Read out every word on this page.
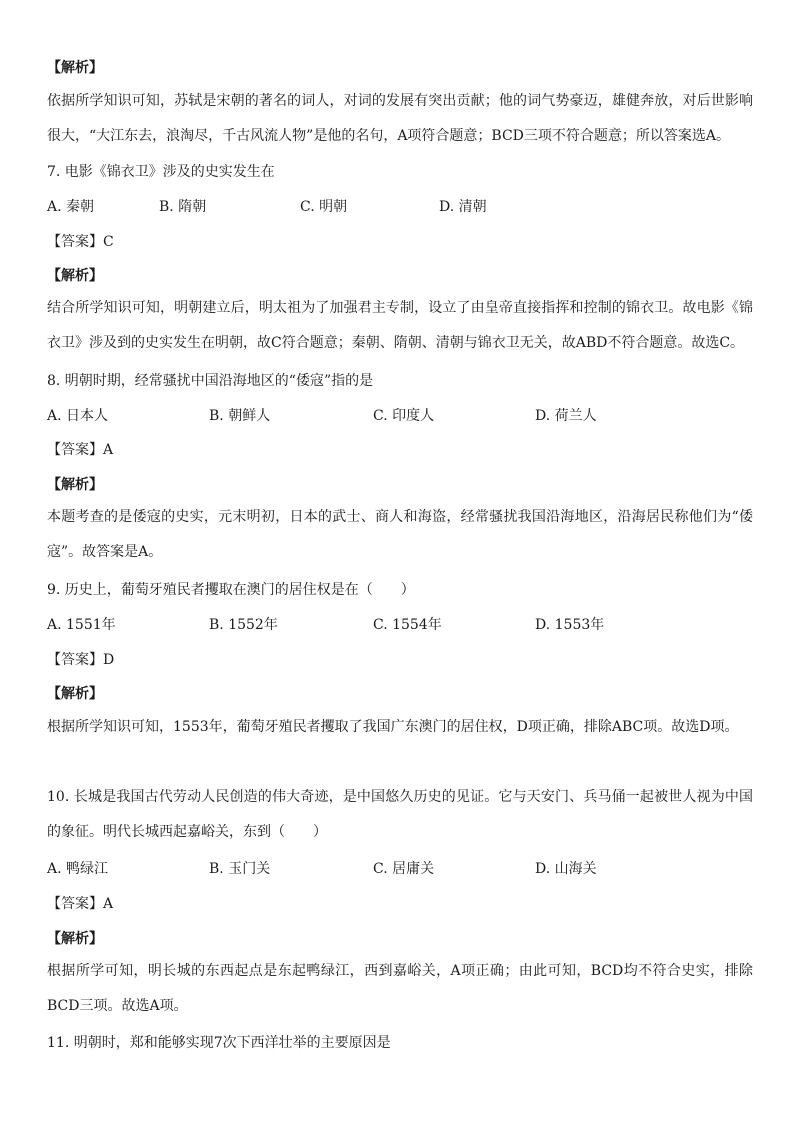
【解析】
依据所学知识可知，苏轼是宋朝的著名的词人，对词的发展有突出贡献；他的词气势豪迈，雄健奔放，对后世影响很大，“大江东去，浪淘尽，千古风流人物”是他的名句，A项符合题意；BCD三项不符合题意；所以答案选A。
7. 电影《锦衣卫》涉及的史实发生在
A. 秦朝	B. 隋朝	C. 明朝	D. 清朝
【答案】C
【解析】
结合所学知识可知，明朝建立后，明太祖为了加强君主专制，设立了由皇帝直接指挥和控制的锦衣卫。故电影《锦衣卫》涉及到的史实发生在明朝，故C符合题意；秦朝、隋朝、清朝与锦衣卫无关，故ABD不符合题意。故选C。
8. 明朝时期，经常骚扰中国沿海地区的“倭寇”指的是
A. 日本人	B. 朝鲜人	C. 印度人	D. 荷兰人
【答案】A
【解析】
本题考查的是倭寇的史实，元末明初，日本的武士、商人和海盗，经常骚扰我国沿海地区，沿海居民称他们为“倭寇”。故答案是A。
9. 历史上，葡萄牙殖民者攫取在澳门的居住权是在（　　）
A. 1551年	B. 1552年	C. 1554年	D. 1553年
【答案】D
【解析】
根据所学知识可知，1553年，葡萄牙殖民者攫取了我国广东澳门的居住权，D项正确，排除ABC项。故选D项。
10. 长城是我国古代劳动人民创造的伟大奇迹，是中国悠久历史的见证。它与天安门、兵马俑一起被世人视为中国的象征。明代长城西起嘉峪关，东到（　　）
A. 鸭绿江	B. 玉门关	C. 居庸关	D. 山海关
【答案】A
【解析】
根据所学可知，明长城的东西起点是东起鸭绿江，西到嘉峪关，A项正确；由此可知，BCD均不符合史实，排除BCD三项。故选A项。
11. 明朝时，郑和能够实现7次下西洋壮举的主要原因是
